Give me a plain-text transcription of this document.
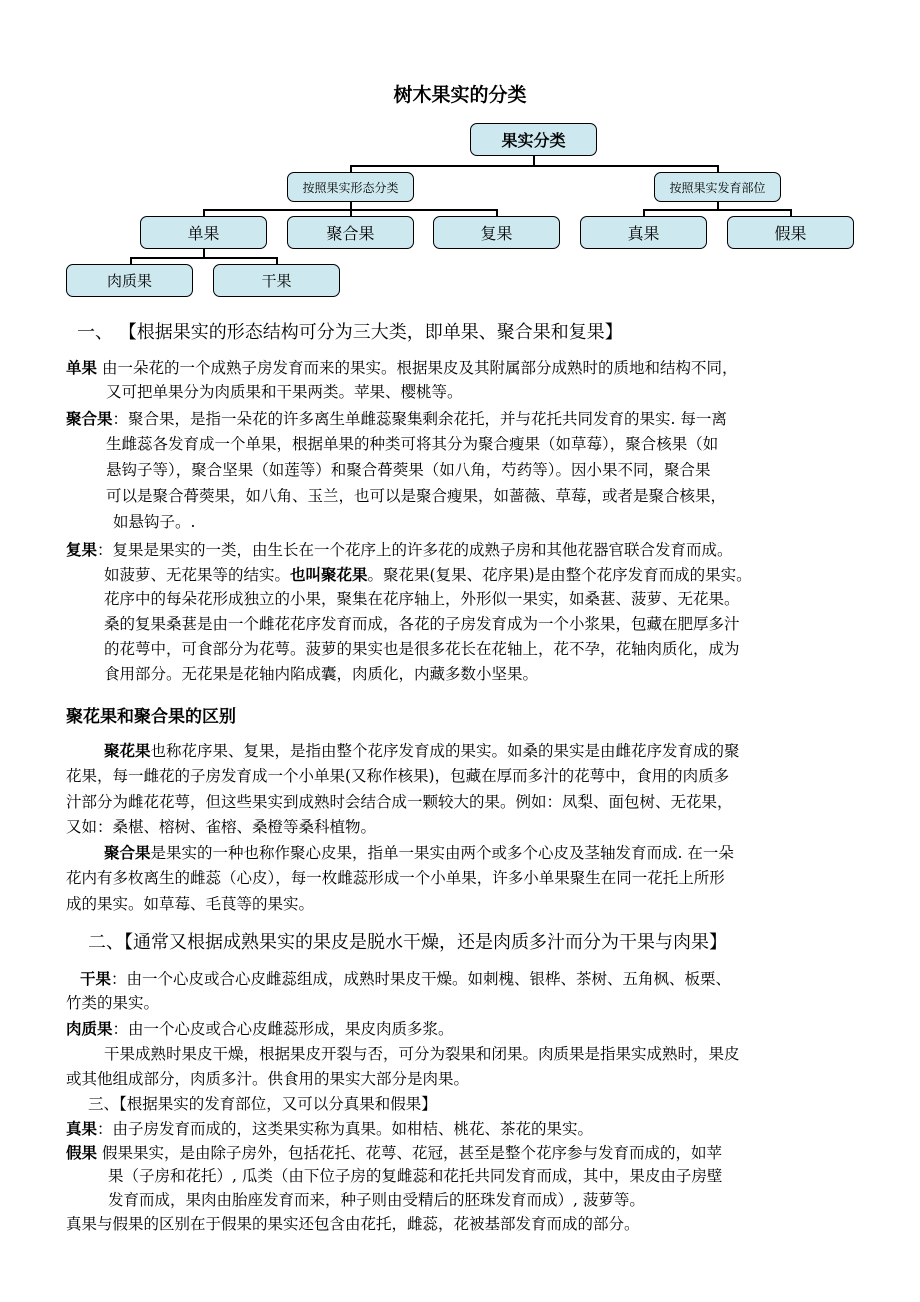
树木果实的分类
果实分类
按照果实形态分类	按照果实发育部位
单果	聚合果	复果	真果	假果
肉质果	干果
一、 【根据果实的形态结构可分为三大类，即单果、聚合果和复果】
单果 由一朵花的一个成熟子房发育而来的果实。根据果皮及其附属部分成熟时的质地和结构不同，
又可把单果分为肉质果和干果两类。苹果、樱桃等。
聚合果：聚合果，是指一朵花的许多离生单雌蕊聚集剩余花托，并与花托共同发育的果实. 每一离
生雌蕊各发育成一个单果，根据单果的种类可将其分为聚合瘦果（如草莓），聚合核果（如
悬钩子等），聚合坚果（如莲等）和聚合蓇葖果（如八角，芍药等）。因小果不同，聚合果
可以是聚合蓇葖果，如八角、玉兰，也可以是聚合瘦果，如蔷薇、草莓，或者是聚合核果，
如悬钩子。.
复果：复果是果实的一类，由生长在一个花序上的许多花的成熟子房和其他花器官联合发育而成。
如菠萝、无花果等的结实。也叫聚花果。聚花果(复果、花序果)是由整个花序发育而成的果实。
花序中的每朵花形成独立的小果，聚集在花序轴上，外形似一果实，如桑葚、菠萝、无花果。
桑的复果桑葚是由一个雌花花序发育而成，各花的子房发育成为一个小浆果，包藏在肥厚多汁
的花萼中，可食部分为花萼。菠萝的果实也是很多花长在花轴上，花不孕，花轴肉质化，成为
食用部分。无花果是花轴内陷成囊，肉质化，内藏多数小坚果。
聚花果和聚合果的区别
聚花果也称花序果、复果，是指由整个花序发育成的果实。如桑的果实是由雌花序发育成的聚
花果，每一雌花的子房发育成一个小单果(又称作核果)，包藏在厚而多汁的花萼中，食用的肉质多
汁部分为雌花花萼，但这些果实到成熟时会结合成一颗较大的果。例如：凤梨、面包树、无花果，
又如：桑椹、榕树、雀榕、桑橙等桑科植物。
聚合果是果实的一种也称作聚心皮果，指单一果实由两个或多个心皮及茎轴发育而成. 在一朵
花内有多枚离生的雌蕊（心皮），每一枚雌蕊形成一个小单果，许多小单果聚生在同一花托上所形
成的果实。如草莓、毛茛等的果实。
二、【通常又根据成熟果实的果皮是脱水干燥，还是肉质多汁而分为干果与肉果】
干果：由一个心皮或合心皮雌蕊组成，成熟时果皮干燥。如刺槐、银桦、茶树、五角枫、板栗、
竹类的果实。
肉质果：由一个心皮或合心皮雌蕊形成，果皮肉质多浆。
干果成熟时果皮干燥，根据果皮开裂与否，可分为裂果和闭果。肉质果是指果实成熟时，果皮
或其他组成部分，肉质多汁。供食用的果实大部分是肉果。
三、【根据果实的发育部位，又可以分真果和假果】
真果：由子房发育而成的，这类果实称为真果。如柑桔、桃花、茶花的果实。
假果 假果果实，是由除子房外，包括花托、花萼、花冠，甚至是整个花序参与发育而成的，如苹
果（子房和花托）, 瓜类（由下位子房的复雌蕊和花托共同发育而成，其中，果皮由子房壁
发育而成，果肉由胎座发育而来，种子则由受精后的胚珠发育而成）, 菠萝等。
真果与假果的区别在于假果的果实还包含由花托，雌蕊，花被基部发育而成的部分。
